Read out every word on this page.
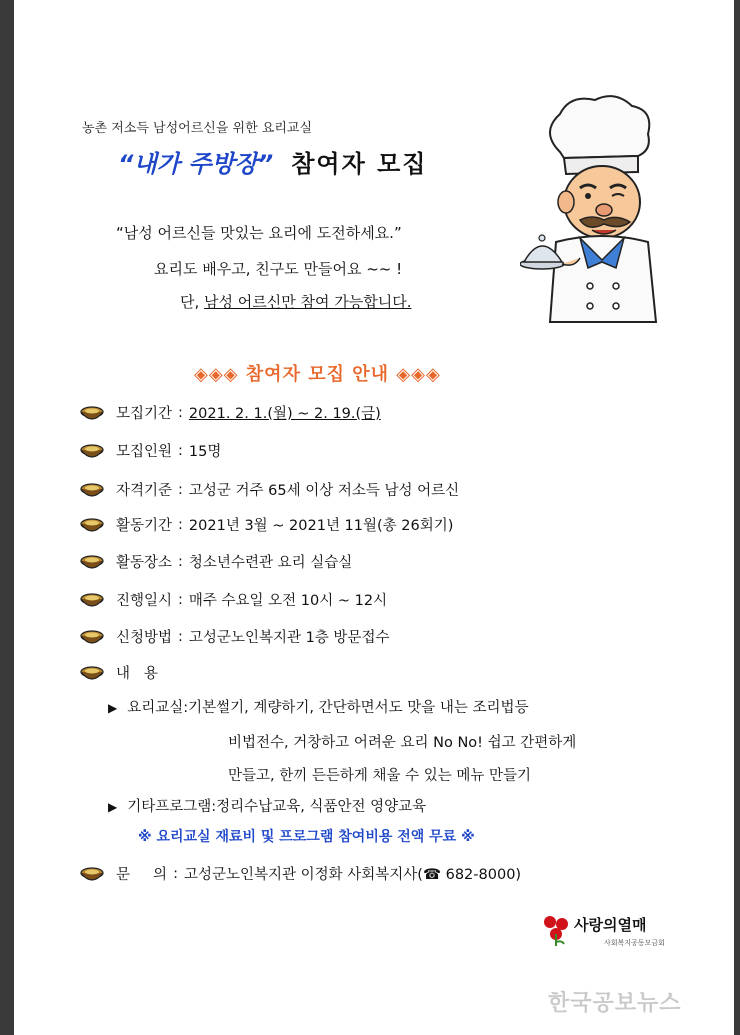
농촌 저소득 남성어르신을 위한 요리교실
“내가 주방장” 참여자 모집
“남성 어르신들 맛있는 요리에 도전하세요.”
요리도 배우고, 친구도 만들어요 ~~ !
단, 남성 어르신만 참여 가능합니다.
◈◈◈ 참여자 모집 안내 ◈◈◈
모집기간 : 2021. 2. 1.(월) ~ 2. 19.(금)
모집인원 : 15명
자격기준 : 고성군 거주 65세 이상 저소득 남성 어르신
활동기간 : 2021년 3월 ~ 2021년 11월(총 26회기)
활동장소 : 청소년수련관 요리 실습실
진행일시 : 매주 수요일 오전 10시 ~ 12시
신청방법 : 고성군노인복지관 1층 방문접수
내   용
▶ 요리교실:기본썰기, 계량하기, 간단하면서도 맛을 내는 조리법등
비법전수, 거창하고 어려운 요리 No No! 쉽고 간편하게
만들고, 한끼 든든하게 채울 수 있는 메뉴 만들기
▶ 기타프로그램:정리수납교육, 식품안전 영양교육
※ 요리교실 재료비 및 프로그램 참여비용 전액 무료 ※
문     의 : 고성군노인복지관 이정화 사회복지사(☎ 682-8000)
사랑의열매
사회복지공동모금회
한국공보뉴스
